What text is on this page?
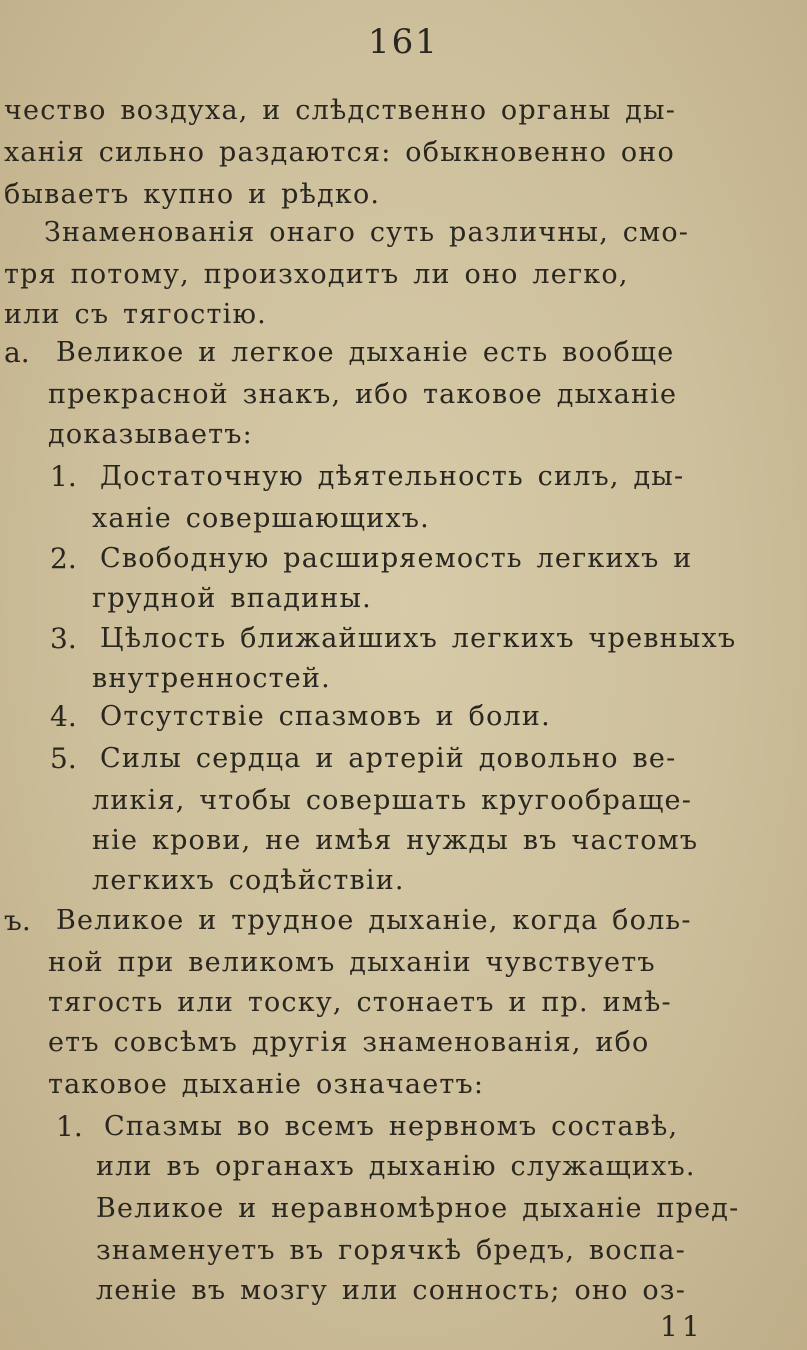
161
чество воздуха, и слѣдственно органы ды-
ханія сильно раздаются: обыкновенно оно
бываетъ купно и рѣдко.
Знаменованія онаго суть различны, смо-
тря потому, произходитъ ли оно легко,
или съ тягостію.
а. Великое и легкое дыханіе есть вообще
прекрасной знакъ, ибо таковое дыханіе
доказываетъ:
1. Достаточную дѣятельность силъ, ды-
ханіе совершающихъ.
2. Свободную расширяемость легкихъ и
грудной впадины.
3. Цѣлость ближайшихъ легкихъ чревныхъ
внутренностей.
4. Отсутствіе спазмовъ и боли.
5. Силы сердца и артерій довольно ве-
ликія, чтобы совершать кругообраще-
ніе крови, не имѣя нужды въ частомъ
легкихъ содѣйствіи.
ъ. Великое и трудное дыханіе, когда боль-
ной при великомъ дыханіи чувствуетъ
тягость или тоску, стонаетъ и пр. имѣ-
етъ совсѣмъ другія знаменованія, ибо
таковое дыханіе означаетъ:
1. Спазмы во всемъ нервномъ составѣ,
или въ органахъ дыханію служащихъ.
Великое и неравномѣрное дыханіе пред-
знаменуетъ въ горячкѣ бредъ, воспа-
леніе въ мозгу или сонность; оно оз-
11
